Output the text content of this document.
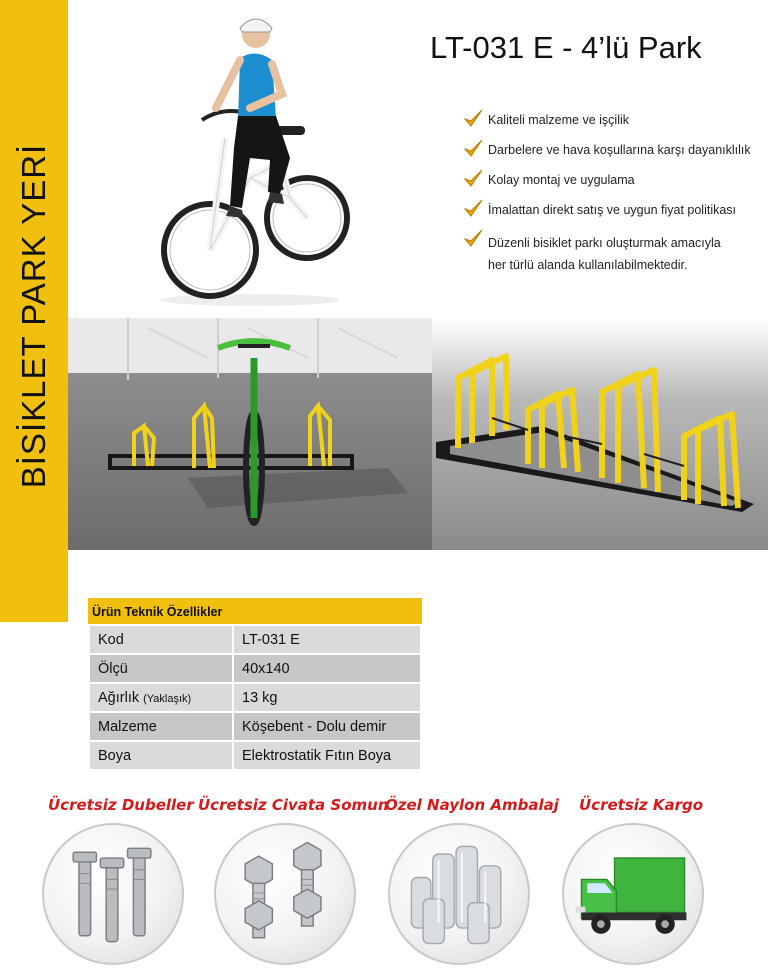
BİSİKLET PARK YERİ
LT-031 E - 4’lü Park
Kaliteli malzeme ve işçilik
Darbelere ve hava koşullarına karşı dayanıklılık
Kolay montaj ve uygulama
İmalattan direkt satış ve uygun fiyat politikası
Düzenli bisiklet parkı oluşturmak amacıyla
her türlü alanda kullanılabilmektedir.
Ürün Teknik Özellikler
Kod	LT-031 E
Ölçü	40x140
Ağırlık (Yaklaşık)	13 kg
Malzeme	Köşebent - Dolu demir
Boya	Elektrostatik Fıtın Boya
Ücretsiz Dubeller Ücretsiz Civata Somun
Özel Naylon Ambalaj Ücretsiz Kargo
